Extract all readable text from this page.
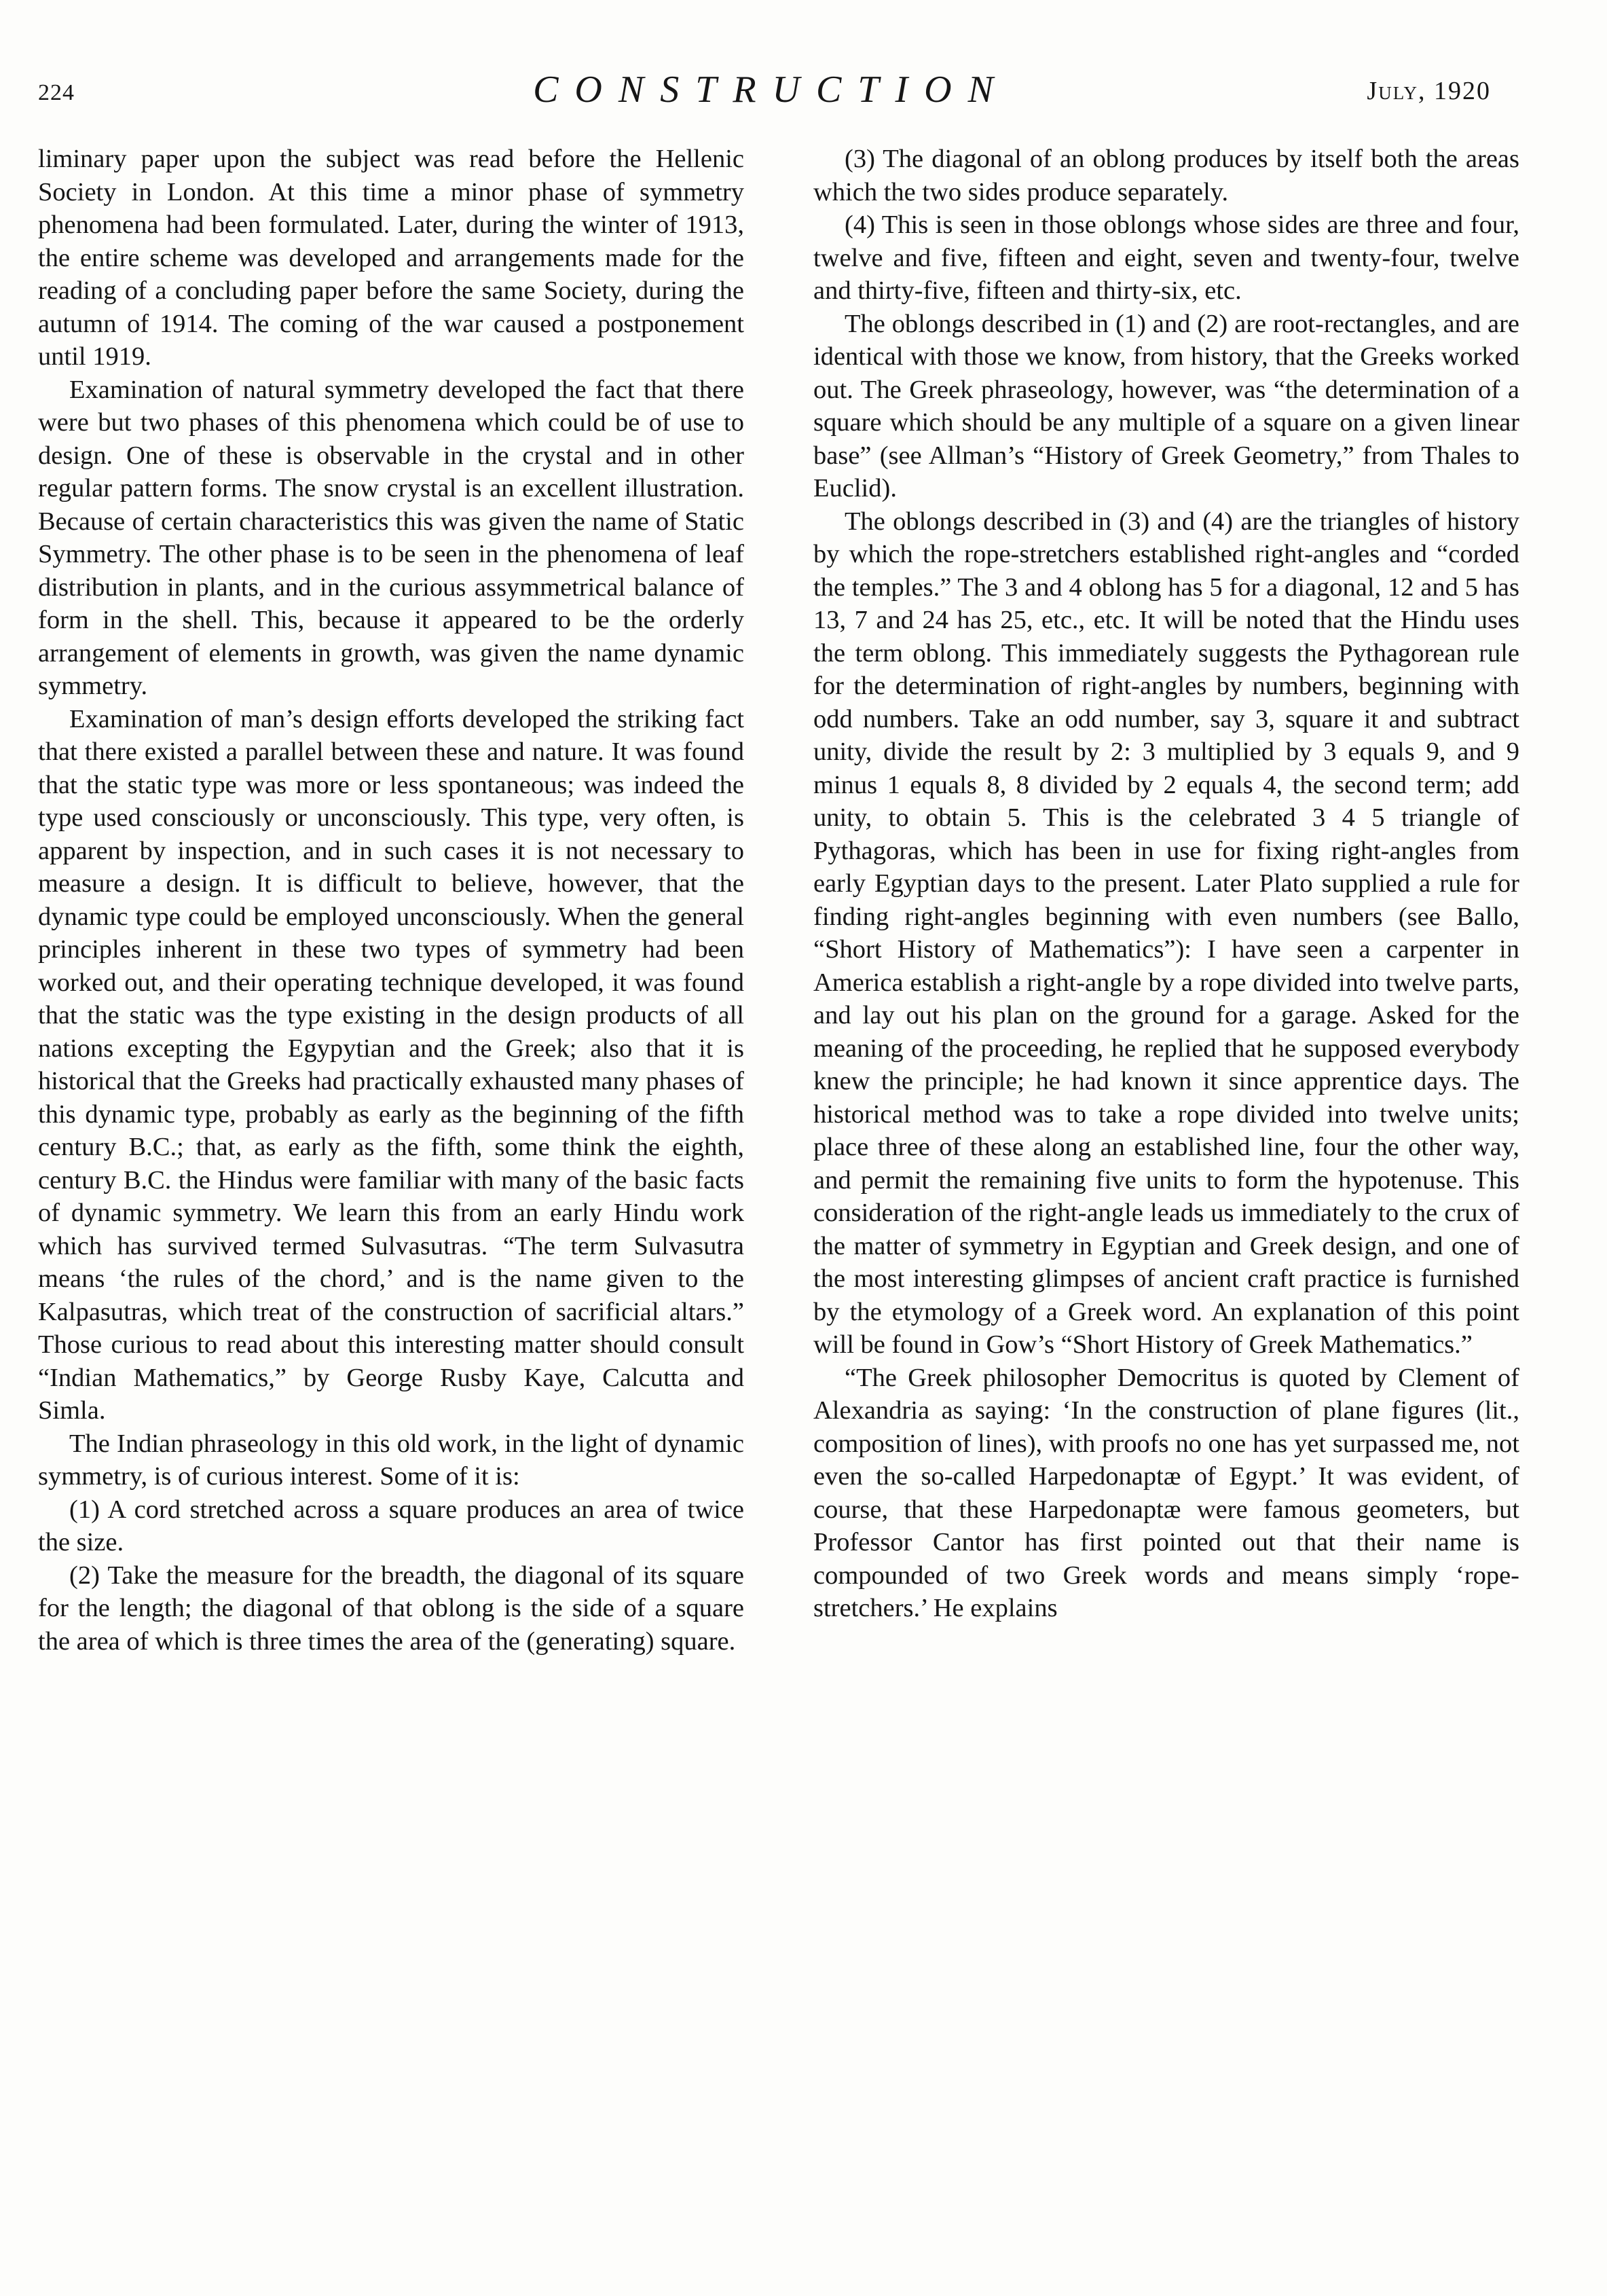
224	CONSTRUCTION	July, 1920

liminary paper upon the subject was read before the Hellenic Society in London. At this time a minor phase of symmetry phenomena had been formulated. Later, during the winter of 1913, the entire scheme was developed and arrangements made for the reading of a concluding paper before the same Society, during the autumn of 1914. The coming of the war caused a postponement until 1919.

Examination of natural symmetry developed the fact that there were but two phases of this phenomena which could be of use to design. One of these is observable in the crystal and in other regular pattern forms. The snow crystal is an excellent illustration. Because of certain characteristics this was given the name of Static Symmetry. The other phase is to be seen in the phenomena of leaf distribution in plants, and in the curious assymmetrical balance of form in the shell. This, because it appeared to be the orderly arrangement of elements in growth, was given the name dynamic symmetry.

Examination of man’s design efforts developed the striking fact that there existed a parallel between these and nature. It was found that the static type was more or less spontaneous; was indeed the type used consciously or unconsciously. This type, very often, is apparent by inspection, and in such cases it is not necessary to measure a design. It is difficult to believe, however, that the dynamic type could be employed unconsciously. When the general principles inherent in these two types of symmetry had been worked out, and their operating technique developed, it was found that the static was the type existing in the design products of all nations excepting the Egypytian and the Greek; also that it is historical that the Greeks had practically exhausted many phases of this dynamic type, probably as early as the beginning of the fifth century B.C.; that, as early as the fifth, some think the eighth, century B.C. the Hindus were familiar with many of the basic facts of dynamic symmetry. We learn this from an early Hindu work which has survived termed Sulvasutras. “The term Sulvasutra means ‘the rules of the chord,’ and is the name given to the Kalpasutras, which treat of the construction of sacrificial altars.” Those curious to read about this interesting matter should consult “Indian Mathematics,” by George Rusby Kaye, Calcutta and Simla.

The Indian phraseology in this old work, in the light of dynamic symmetry, is of curious interest. Some of it is:

(1) A cord stretched across a square produces an area of twice the size.

(2) Take the measure for the breadth, the diagonal of its square for the length; the diagonal of that oblong is the side of a square the area of which is three times the area of the (generating) square.

(3) The diagonal of an oblong produces by itself both the areas which the two sides produce separately.

(4) This is seen in those oblongs whose sides are three and four, twelve and five, fifteen and eight, seven and twenty-four, twelve and thirty-five, fifteen and thirty-six, etc.

The oblongs described in (1) and (2) are root-rectangles, and are identical with those we know, from history, that the Greeks worked out. The Greek phraseology, however, was “the determination of a square which should be any multiple of a square on a given linear base” (see Allman’s “History of Greek Geometry,” from Thales to Euclid).

The oblongs described in (3) and (4) are the triangles of history by which the rope-stretchers established right-angles and “corded the temples.” The 3 and 4 oblong has 5 for a diagonal, 12 and 5 has 13, 7 and 24 has 25, etc., etc. It will be noted that the Hindu uses the term oblong. This immediately suggests the Pythagorean rule for the determination of right-angles by numbers, beginning with odd numbers. Take an odd number, say 3, square it and subtract unity, divide the result by 2: 3 multiplied by 3 equals 9, and 9 minus 1 equals 8, 8 divided by 2 equals 4, the second term; add unity, to obtain 5. This is the celebrated 3 4 5 triangle of Pythagoras, which has been in use for fixing right-angles from early Egyptian days to the present. Later Plato supplied a rule for finding right-angles beginning with even numbers (see Ballo, “Short History of Mathematics”): I have seen a carpenter in America establish a right-angle by a rope divided into twelve parts, and lay out his plan on the ground for a garage. Asked for the meaning of the proceeding, he replied that he supposed everybody knew the principle; he had known it since apprentice days. The historical method was to take a rope divided into twelve units; place three of these along an established line, four the other way, and permit the remaining five units to form the hypotenuse. This consideration of the right-angle leads us immediately to the crux of the matter of symmetry in Egyptian and Greek design, and one of the most interesting glimpses of ancient craft practice is furnished by the etymology of a Greek word. An explanation of this point will be found in Gow’s “Short History of Greek Mathematics.”

“The Greek philosopher Democritus is quoted by Clement of Alexandria as saying: ‘In the construction of plane figures (lit., composition of lines), with proofs no one has yet surpassed me, not even the so-called Harpedonaptæ of Egypt.’ It was evident, of course, that these Harpedonaptæ were famous geometers, but Professor Cantor has first pointed out that their name is compounded of two Greek words and means simply ‘rope-stretchers.’ He explains
